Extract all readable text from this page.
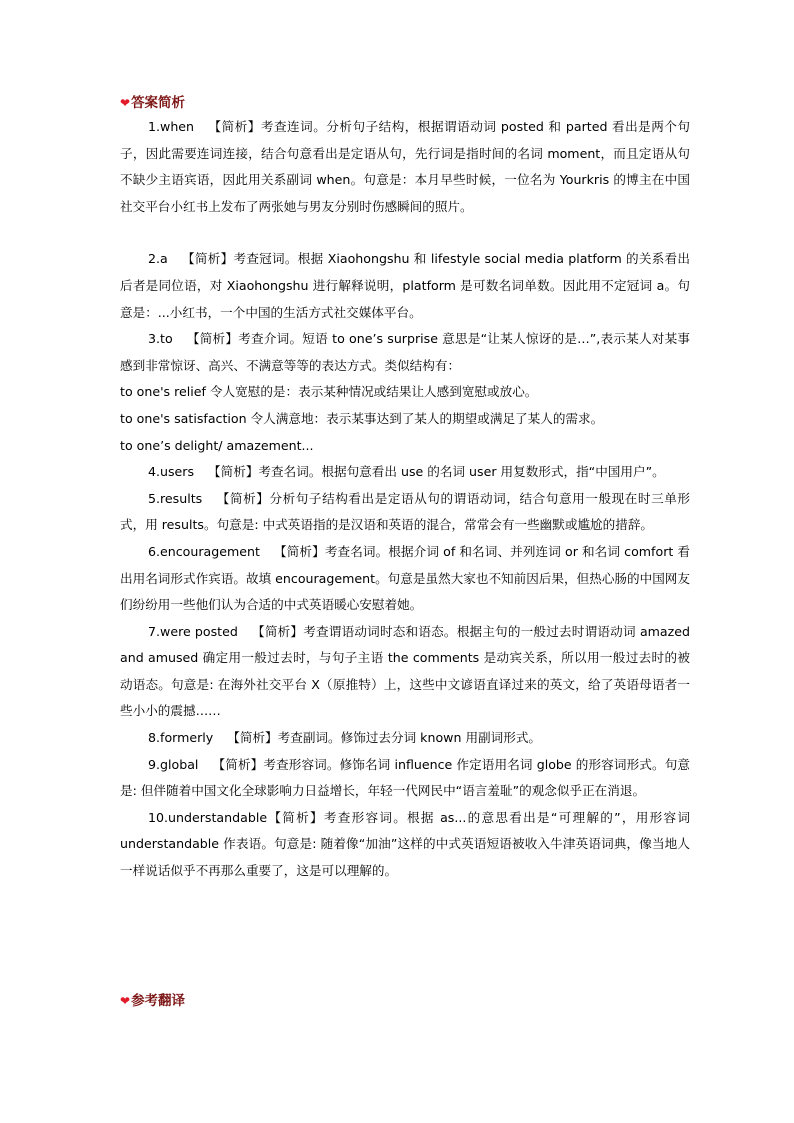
❤答案简析

1.when 【简析】考查连词。分析句子结构，根据谓语动词 posted 和 parted 看出是两个句子，因此需要连词连接，结合句意看出是定语从句，先行词是指时间的名词 moment，而且定语从句不缺少主语宾语，因此用关系副词 when。句意是：本月早些时候，一位名为 Yourkris 的博主在中国社交平台小红书上发布了两张她与男友分别时伤感瞬间的照片。

2.a 【简析】考查冠词。根据 Xiaohongshu 和 lifestyle social media platform 的关系看出后者是同位语，对 Xiaohongshu 进行解释说明，platform 是可数名词单数。因此用不定冠词 a。句意是：...小红书，一个中国的生活方式社交媒体平台。

3.to 【简析】考查介词。短语 to one’s surprise 意思是“让某人惊讶的是…”,表示某人对某事感到非常惊讶、高兴、不满意等等的表达方式。类似结构有：

to one's relief 令人宽慰的是：表示某种情况或结果让人感到宽慰或放心。

to one's satisfaction 令人满意地：表示某事达到了某人的期望或满足了某人的需求。

to one’s delight/ amazement...

4.users 【简析】考查名词。根据句意看出 use 的名词 user 用复数形式，指“中国用户”。

5.results 【简析】分析句子结构看出是定语从句的谓语动词，结合句意用一般现在时三单形式，用 results。句意是: 中式英语指的是汉语和英语的混合，常常会有一些幽默或尴尬的措辞。

6.encouragement 【简析】考查名词。根据介词 of 和名词、并列连词 or 和名词 comfort 看出用名词形式作宾语。故填 encouragement。句意是虽然大家也不知前因后果，但热心肠的中国网友们纷纷用一些他们认为合适的中式英语暖心安慰着她。

7.were posted 【简析】考查谓语动词时态和语态。根据主句的一般过去时谓语动词 amazed and amused 确定用一般过去时，与句子主语 the comments 是动宾关系，所以用一般过去时的被动语态。句意是: 在海外社交平台 X（原推特）上，这些中文谚语直译过来的英文，给了英语母语者一些小小的震撼……

8.formerly 【简析】考查副词。修饰过去分词 known 用副词形式。

9.global 【简析】考查形容词。修饰名词 influence 作定语用名词 globe 的形容词形式。句意是: 但伴随着中国文化全球影响力日益增长，年轻一代网民中“语言羞耻”的观念似乎正在消退。

10.understandable【简析】考查形容词。根据 as...的意思看出是“可理解的”，用形容词 understandable 作表语。句意是: 随着像“加油”这样的中式英语短语被收入牛津英语词典，像当地人一样说话似乎不再那么重要了，这是可以理解的。

❤参考翻译
